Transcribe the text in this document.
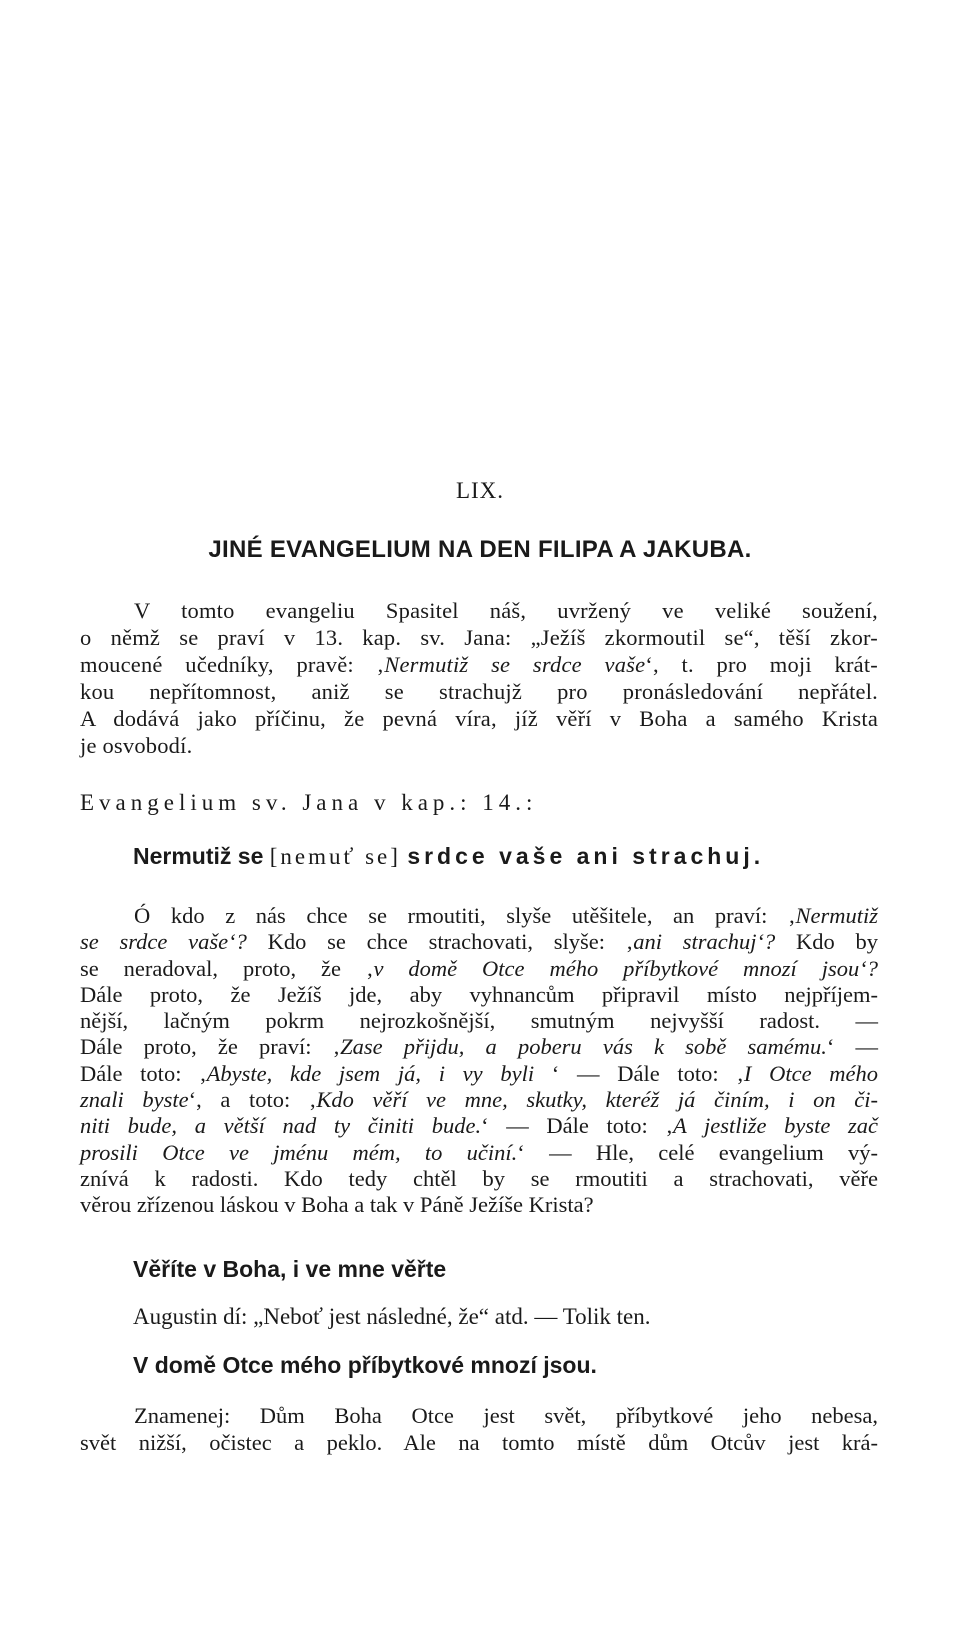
LIX.
JINÉ EVANGELIUM NA DEN FILIPA A JAKUBA.
V tomto evangeliu Spasitel náš, uvržený ve veliké soužení,
o němž se praví v 13. kap. sv. Jana: „Ježíš zkormoutil se“, těší zkor-
moucené učedníky, pravě: ‚Nermutiž se srdce vaše‘, t. pro moji krát-
kou nepřítomnost, aniž se strachujž pro pronásledování nepřátel.
A dodává jako příčinu, že pevná víra, jíž věří v Boha a samého Krista
je osvobodí.
Evangelium sv. Jana v kap.: 14.:
Nermutiž se [nemuť se] srdce vaše ani strachuj.
Ó kdo z nás chce se rmoutiti, slyše utěšitele, an praví: ‚Nermutiž
se srdce vaše‘? Kdo se chce strachovati, slyše: ‚ani strachuj‘? Kdo by
se neradoval, proto, že ‚v domě Otce mého příbytkové mnozí jsou‘?
Dále proto, že Ježíš jde, aby vyhnancům připravil místo nejpříjem-
nější, lačným pokrm nejrozkošnější, smutným nejvyšší radost. —
Dále proto, že praví: ‚Zase přijdu, a poberu vás k sobě samému.‘ —
Dále toto: ‚Abyste, kde jsem já, i vy byli ‘ — Dále toto: ‚I Otce mého
znali byste‘, a toto: ‚Kdo věří ve mne, skutky, kteréž já činím, i on či-
niti bude, a větší nad ty činiti bude.‘ — Dále toto: ‚A jestliže byste zač
prosili Otce ve jménu mém, to učiní.‘ — Hle, celé evangelium vý-
znívá k radosti. Kdo tedy chtěl by se rmoutiti a strachovati, věře
věrou zřízenou láskou v Boha a tak v Páně Ježíše Krista?
Věříte v Boha, i ve mne věřte
Augustin dí: „Neboť jest následné, že“ atd. — Tolik ten.
V domě Otce mého příbytkové mnozí jsou.
Znamenej: Dům Boha Otce jest svět, příbytkové jeho nebesa,
svět nižší, očistec a peklo. Ale na tomto místě dům Otcův jest krá-
